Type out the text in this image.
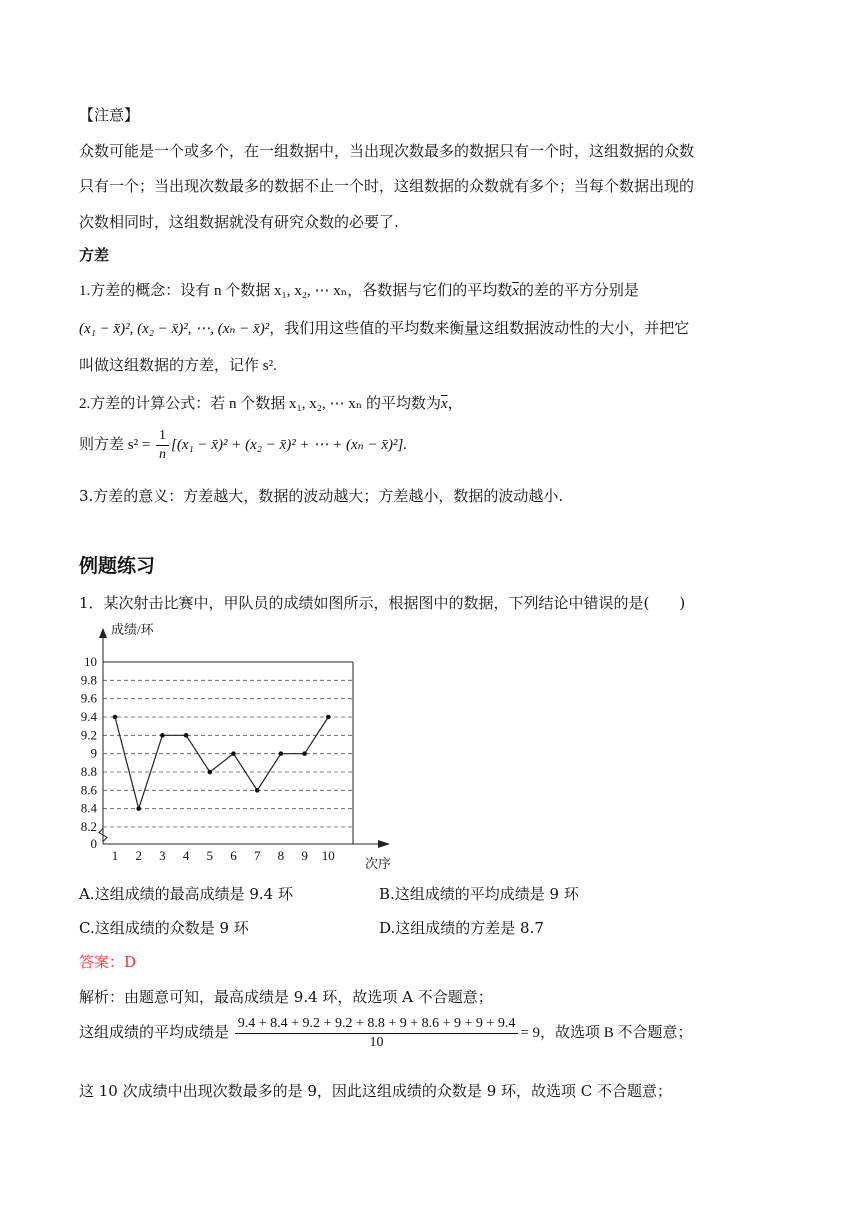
【注意】
众数可能是一个或多个，在一组数据中，当出现次数最多的数据只有一个时，这组数据的众数
只有一个；当出现次数最多的数据不止一个时，这组数据的众数就有多个；当每个数据出现的
次数相同时，这组数据就没有研究众数的必要了.
方差
1.方差的概念：设有 n 个数据 x₁, x₂, ⋯ xₙ，各数据与它们的平均数$\overline{x}$的差的平方分别是
(x₁ − x̄)², (x₂ − x̄)², ⋯, (xₙ − x̄)²，我们用这些值的平均数来衡量这组数据波动性的大小，并把它
叫做这组数据的方差，记作 s².
2.方差的计算公式：若 n 个数据 x₁, x₂, ⋯ xₙ 的平均数为$\overline{x}$，
则方差 $s^2 = \frac{1}{n} [(x_1$ − x̄)² + (x₂ − x̄)² + ⋯ + (xₙ − x̄)²].
3.方差的意义：方差越大，数据的波动越大；方差越小，数据的波动越小.
例题练习
1．某次射击比赛中，甲队员的成绩如图所示，根据图中的数据，下列结论中错误的是(　　)
10
9.8
9.6
9.4
9.2
9
8.8
8.6
8.4
8.2
0
1 2 3 4 5 6 7 8 9 10
成绩/环
次序
A.这组成绩的最高成绩是 9.4 环	B.这组成绩的平均成绩是 9 环
C.这组成绩的众数是 9 环	D.这组成绩的方差是 8.7
答案：D
解析：由题意可知，最高成绩是 9.4 环，故选项 A 不合题意；
这组成绩的平均成绩是 $\frac{9.4 + 8.4 + 9.2 + 9.2 + 8.8 + 9 + 8.6 + 9 + 9 + 9.4}{10} = 9$，故选项 B 不合题意；
这 10 次成绩中出现次数最多的是 9，因此这组成绩的众数是 9 环，故选项 C 不合题意；
